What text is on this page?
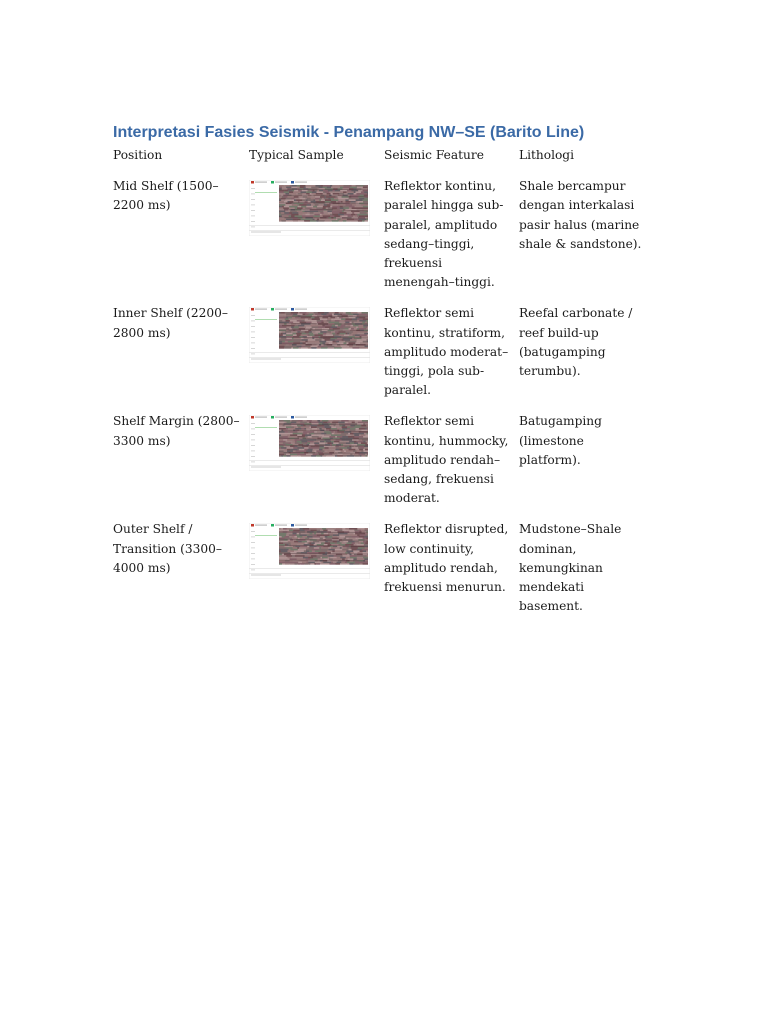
Interpretasi Fasies Seismik - Penampang NW–SE (Barito Line)
Position	Typical Sample	Seismic Feature	Lithologi
Mid Shelf (1500–2200 ms)		Reflektor kontinu, paralel hingga sub-paralel, amplitudo sedang–tinggi, frekuensi menengah–tinggi.	Shale bercampur dengan interkalasi pasir halus (marine shale & sandstone).
Inner Shelf (2200–2800 ms)		Reflektor semi kontinu, stratiform, amplitudo moderat–tinggi, pola sub-paralel.	Reefal carbonate / reef build-up (batugamping terumbu).
Shelf Margin (2800–3300 ms)		Reflektor semi kontinu, hummocky, amplitudo rendah–sedang, frekuensi moderat.	Batugamping (limestone platform).
Outer Shelf / Transition (3300–4000 ms)		Reflektor disrupted, low continuity, amplitudo rendah, frekuensi menurun.	Mudstone–Shale dominan, kemungkinan mendekati basement.
